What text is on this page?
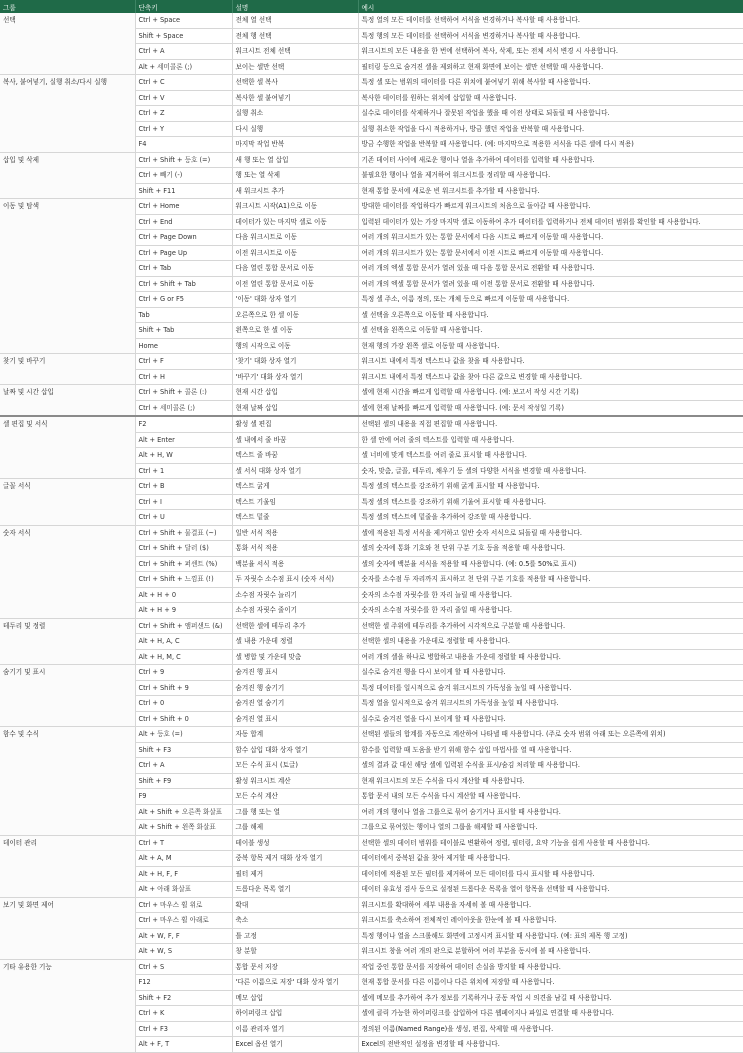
그룹	단축키	설명	예시
선택	Ctrl + Space	전체 열 선택	특정 열의 모든 데이터를 선택하여 서식을 변경하거나 복사할 때 사용합니다.
	Shift + Space	전체 행 선택	특정 행의 모든 데이터를 선택하여 서식을 변경하거나 복사할 때 사용합니다.
	Ctrl + A	워크시트 전체 선택	워크시트의 모든 내용을 한 번에 선택하여 복사, 삭제, 또는 전체 서식 변경 시 사용합니다.
	Alt + 세미콜론 (;)	보이는 셀만 선택	필터링 등으로 숨겨진 셀을 제외하고 현재 화면에 보이는 셀만 선택할 때 사용합니다.
복사, 붙여넣기, 실행 취소/다시 실행	Ctrl + C	선택한 셀 복사	특정 셀 또는 범위의 데이터를 다른 위치에 붙여넣기 위해 복사할 때 사용합니다.
	Ctrl + V	복사한 셀 붙여넣기	복사한 데이터를 원하는 위치에 삽입할 때 사용합니다.
	Ctrl + Z	실행 취소	실수로 데이터를 삭제하거나 잘못된 작업을 했을 때 이전 상태로 되돌릴 때 사용합니다.
	Ctrl + Y	다시 실행	실행 취소한 작업을 다시 적용하거나, 방금 했던 작업을 반복할 때 사용합니다.
	F4	마지막 작업 반복	방금 수행한 작업을 반복할 때 사용합니다. (예: 마지막으로 적용한 서식을 다른 셀에 다시 적용)
삽입 및 삭제	Ctrl + Shift + 등호 (=)	새 행 또는 열 삽입	기존 데이터 사이에 새로운 행이나 열을 추가하여 데이터를 입력할 때 사용합니다.
	Ctrl + 빼기 (-)	행 또는 열 삭제	불필요한 행이나 열을 제거하여 워크시트를 정리할 때 사용합니다.
	Shift + F11	새 워크시트 추가	현재 통합 문서에 새로운 빈 워크시트를 추가할 때 사용합니다.
이동 및 탐색	Ctrl + Home	워크시트 시작(A1)으로 이동	방대한 데이터를 작업하다가 빠르게 워크시트의 처음으로 돌아갈 때 사용합니다.
	Ctrl + End	데이터가 있는 마지막 셀로 이동	입력된 데이터가 있는 가장 마지막 셀로 이동하여 추가 데이터를 입력하거나 전체 데이터 범위를 확인할 때 사용합니다.
	Ctrl + Page Down	다음 워크시트로 이동	여러 개의 워크시트가 있는 통합 문서에서 다음 시트로 빠르게 이동할 때 사용합니다.
	Ctrl + Page Up	이전 워크시트로 이동	여러 개의 워크시트가 있는 통합 문서에서 이전 시트로 빠르게 이동할 때 사용합니다.
	Ctrl + Tab	다음 열린 통합 문서로 이동	여러 개의 엑셀 통합 문서가 열려 있을 때 다음 통합 문서로 전환할 때 사용합니다.
	Ctrl + Shift + Tab	이전 열린 통합 문서로 이동	여러 개의 엑셀 통합 문서가 열려 있을 때 이전 통합 문서로 전환할 때 사용합니다.
	Ctrl + G or F5	'이동' 대화 상자 열기	특정 셀 주소, 이름 정의, 또는 개체 등으로 빠르게 이동할 때 사용합니다.
	Tab	오른쪽으로 한 셀 이동	셀 선택을 오른쪽으로 이동할 때 사용합니다.
	Shift + Tab	왼쪽으로 한 셀 이동	셀 선택을 왼쪽으로 이동할 때 사용합니다.
	Home	행의 시작으로 이동	현재 행의 가장 왼쪽 셀로 이동할 때 사용합니다.
찾기 및 바꾸기	Ctrl + F	'찾기' 대화 상자 열기	워크시트 내에서 특정 텍스트나 값을 찾을 때 사용합니다.
	Ctrl + H	'바꾸기' 대화 상자 열기	워크시트 내에서 특정 텍스트나 값을 찾아 다른 값으로 변경할 때 사용합니다.
날짜 및 시간 삽입	Ctrl + Shift + 콜론 (:)	현재 시간 삽입	셀에 현재 시간을 빠르게 입력할 때 사용합니다. (예: 보고서 작성 시간 기록)
	Ctrl + 세미콜론 (;)	현재 날짜 삽입	셀에 현재 날짜를 빠르게 입력할 때 사용합니다. (예: 문서 작성일 기록)
셀 편집 및 서식	F2	활성 셀 편집	선택된 셀의 내용을 직접 편집할 때 사용합니다.
	Alt + Enter	셀 내에서 줄 바꿈	한 셀 안에 여러 줄의 텍스트를 입력할 때 사용합니다.
	Alt + H, W	텍스트 줄 바꿈	셀 너비에 맞게 텍스트를 여러 줄로 표시할 때 사용합니다.
	Ctrl + 1	셀 서식 대화 상자 열기	숫자, 맞춤, 글꼴, 테두리, 채우기 등 셀의 다양한 서식을 변경할 때 사용합니다.
글꼴 서식	Ctrl + B	텍스트 굵게	특정 셀의 텍스트를 강조하기 위해 굵게 표시할 때 사용합니다.
	Ctrl + I	텍스트 기울임	특정 셀의 텍스트를 강조하기 위해 기울여 표시할 때 사용합니다.
	Ctrl + U	텍스트 밑줄	특정 셀의 텍스트에 밑줄을 추가하여 강조할 때 사용합니다.
숫자 서식	Ctrl + Shift + 물결표 (~)	일반 서식 적용	셀에 적용된 특정 서식을 제거하고 일반 숫자 서식으로 되돌릴 때 사용합니다.
	Ctrl + Shift + 달러 ($)	통화 서식 적용	셀의 숫자에 통화 기호와 천 단위 구분 기호 등을 적용할 때 사용합니다.
	Ctrl + Shift + 퍼센트 (%)	백분율 서식 적용	셀의 숫자에 백분율 서식을 적용할 때 사용합니다. (예: 0.5를 50%로 표시)
	Ctrl + Shift + 느낌표 (!)	두 자릿수 소수점 표시 (숫자 서식)	숫자를 소수점 두 자리까지 표시하고 천 단위 구분 기호를 적용할 때 사용합니다.
	Alt + H + 0	소수점 자릿수 늘리기	숫자의 소수점 자릿수를 한 자리 늘릴 때 사용합니다.
	Alt + H + 9	소수점 자릿수 줄이기	숫자의 소수점 자릿수를 한 자리 줄일 때 사용합니다.
테두리 및 정렬	Ctrl + Shift + 앰퍼샌드 (&)	선택한 셀에 테두리 추가	선택한 셀 주위에 테두리를 추가하여 시각적으로 구분할 때 사용합니다.
	Alt + H, A, C	셀 내용 가운데 정렬	선택한 셀의 내용을 가운데로 정렬할 때 사용합니다.
	Alt + H, M, C	셀 병합 및 가운데 맞춤	여러 개의 셀을 하나로 병합하고 내용을 가운데 정렬할 때 사용합니다.
숨기기 및 표시	Ctrl + 9	숨겨진 행 표시	실수로 숨겨진 행을 다시 보이게 할 때 사용합니다.
	Ctrl + Shift + 9	숨겨진 행 숨기기	특정 데이터를 일시적으로 숨겨 워크시트의 가독성을 높일 때 사용합니다.
	Ctrl + 0	숨겨진 열 숨기기	특정 열을 일시적으로 숨겨 워크시트의 가독성을 높일 때 사용합니다.
	Ctrl + Shift + 0	숨겨진 열 표시	실수로 숨겨진 열을 다시 보이게 할 때 사용합니다.
함수 및 수식	Alt + 등호 (=)	자동 합계	선택된 셀들의 합계를 자동으로 계산하여 나타낼 때 사용합니다. (주로 숫자 범위 아래 또는 오른쪽에 위치)
	Shift + F3	함수 삽입 대화 상자 열기	함수를 입력할 때 도움을 받기 위해 함수 삽입 마법사를 열 때 사용합니다.
	Ctrl + A	모든 수식 표시 (토글)	셀의 결과 값 대신 해당 셀에 입력된 수식을 표시/숨김 처리할 때 사용합니다.
	Shift + F9	활성 워크시트 계산	현재 워크시트의 모든 수식을 다시 계산할 때 사용합니다.
	F9	모든 수식 계산	통합 문서 내의 모든 수식을 다시 계산할 때 사용합니다.
	Alt + Shift + 오른쪽 화살표	그룹 행 또는 열	여러 개의 행이나 열을 그룹으로 묶어 숨기거나 표시할 때 사용합니다.
	Alt + Shift + 왼쪽 화살표	그룹 해제	그룹으로 묶여있는 행이나 열의 그룹을 해제할 때 사용합니다.
데이터 관리	Ctrl + T	테이블 생성	선택한 셀의 데이터 범위를 테이블로 변환하여 정렬, 필터링, 요약 기능을 쉽게 사용할 때 사용합니다.
	Alt + A, M	중복 항목 제거 대화 상자 열기	데이터에서 중복된 값을 찾아 제거할 때 사용합니다.
	Alt + H, F, F	필터 제거	데이터에 적용된 모든 필터를 제거하여 모든 데이터를 다시 표시할 때 사용합니다.
	Alt + 아래 화살표	드롭다운 목록 열기	데이터 유효성 검사 등으로 설정된 드롭다운 목록을 열어 항목을 선택할 때 사용합니다.
보기 및 화면 제어	Ctrl + 마우스 휠 위로	확대	워크시트를 확대하여 세부 내용을 자세히 볼 때 사용합니다.
	Ctrl + 마우스 휠 아래로	축소	워크시트를 축소하여 전체적인 레이아웃을 한눈에 볼 때 사용합니다.
	Alt + W, F, F	틀 고정	특정 행이나 열을 스크롤해도 화면에 고정시켜 표시할 때 사용합니다. (예: 표의 제목 행 고정)
	Alt + W, S	창 분할	워크시트 창을 여러 개의 판으로 분할하여 여러 부분을 동시에 볼 때 사용합니다.
기타 유용한 기능	Ctrl + S	통합 문서 저장	작업 중인 통합 문서를 저장하여 데이터 손실을 방지할 때 사용합니다.
	F12	'다른 이름으로 저장' 대화 상자 열기	현재 통합 문서를 다른 이름이나 다른 위치에 저장할 때 사용합니다.
	Shift + F2	메모 삽입	셀에 메모를 추가하여 추가 정보를 기록하거나 공동 작업 시 의견을 남길 때 사용합니다.
	Ctrl + K	하이퍼링크 삽입	셀에 클릭 가능한 하이퍼링크를 삽입하여 다른 웹페이지나 파일로 연결할 때 사용합니다.
	Ctrl + F3	이름 관리자 열기	정의된 이름(Named Range)을 생성, 편집, 삭제할 때 사용합니다.
	Alt + F, T	Excel 옵션 열기	Excel의 전반적인 설정을 변경할 때 사용합니다.
